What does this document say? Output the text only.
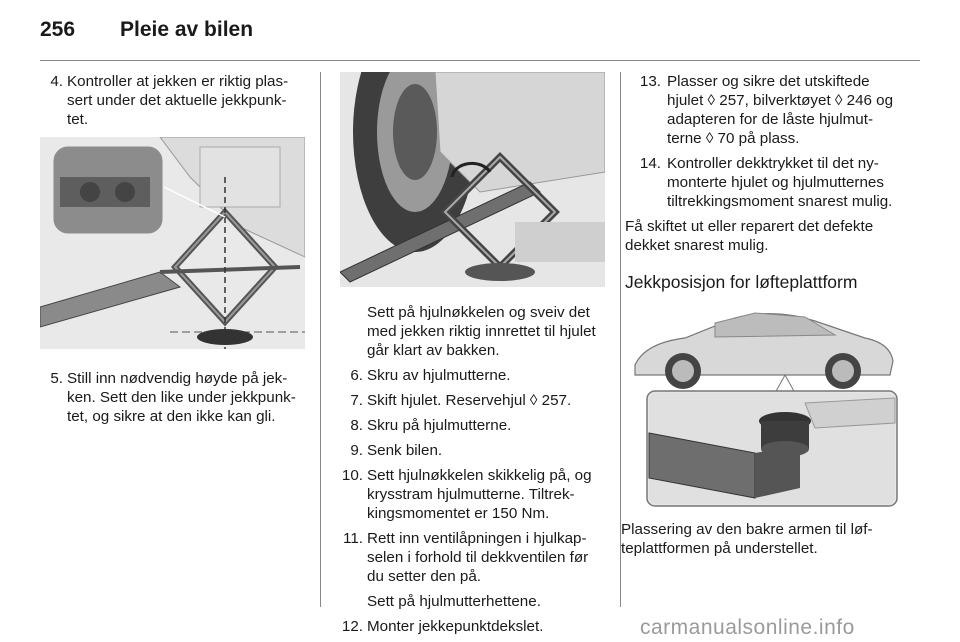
256 Pleie av bilen
4. Kontroller at jekken er riktig plas-sert under det aktuelle jekkpunk-tet.
5. Still inn nødvendig høyde på jek-ken. Sett den like under jekkpunk-tet, og sikre at den ikke kan gli.
Sett på hjulnøkkelen og sveiv det med jekken riktig innrettet til hjulet går klart av bakken.
6. Skru av hjulmutterne.
7. Skift hjulet. Reservehjul ◊ 257.
8. Skru på hjulmutterne.
9. Senk bilen.
10. Sett hjulnøkkelen skikkelig på, og krysstram hjulmutterne. Tiltrek-kingsmomentet er 150 Nm.
11. Rett inn ventilåpningen i hjulkap-selen i forhold til dekkventilen før du setter den på.
Sett på hjulmutterhettene.
12. Monter jekkepunktdekslet.
13. Plasser og sikre det utskiftede hjulet ◊ 257, bilverktøyet ◊ 246 og adapteren for de låste hjulmut-terne ◊ 70 på plass.
14. Kontroller dekktrykket til det ny-monterte hjulet og hjulmutternes tiltrekkingsmoment snarest mulig.

Få skiftet ut eller reparert det defekte dekket snarest mulig.

Jekkposisjon for løfteplattform

Plassering av den bakre armen til løf-teplattformen på understellet.

carmanualsonline.info
